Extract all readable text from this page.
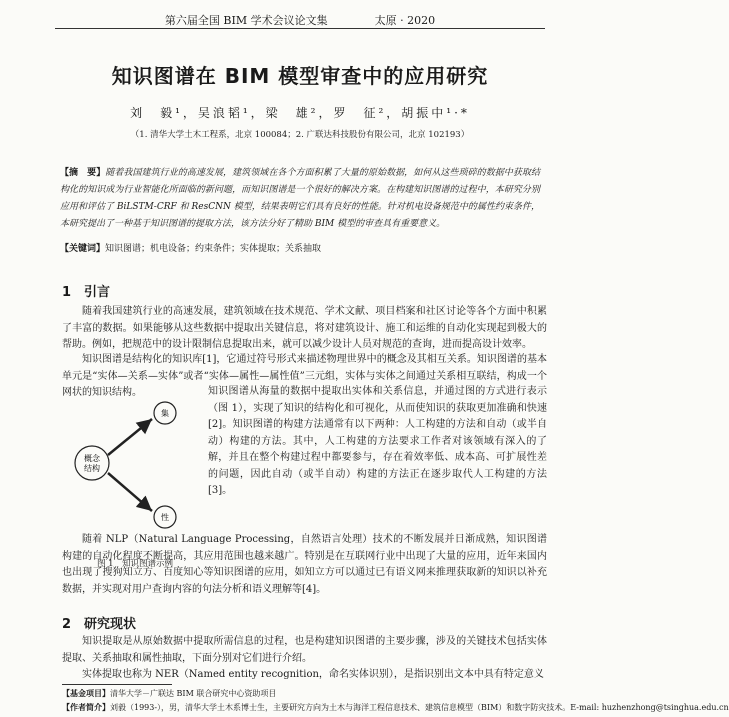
第六届全国 BIM 学术会议论文集	太原 · 2020
知识图谱在 BIM 模型审查中的应用研究
刘　毅¹，吴浪韬¹，梁　雄²，罗　征²，胡振中¹·*
（1. 清华大学土木工程系，北京 100084；2. 广联达科技股份有限公司，北京 102193）
【摘　要】随着我国建筑行业的高速发展，建筑领域在各个方面积累了大量的原始数据，如何从这些琐碎的数据中获取结构化的知识成为行业智能化所面临的新问题，而知识图谱是一个很好的解决方案。在构建知识图谱的过程中，本研究分别应用和评估了 BiLSTM-CRF 和 ResCNN 模型，结果表明它们具有良好的性能。针对机电设备规范中的属性约束条件，本研究提出了一种基于知识图谱的提取方法，该方法分好了精助 BIM 模型的审查具有重要意义。
【关键词】知识图谱；机电设备；约束条件；实体提取；关系抽取
1 引言
随着我国建筑行业的高速发展，建筑领域在技术规范、学术文献、项目档案和社区讨论等各个方面中积累了丰富的数据。如果能够从这些数据中提取出关键信息，将对建筑设计、施工和运维的自动化实现起到极大的帮助。例如，把规范中的设计限制信息提取出来，就可以减少设计人员对规范的查询，进而提高设计效率。
知识图谱是结构化的知识库[1]，它通过符号形式来描述物理世界中的概念及其相互关系。知识图谱的基本单元是“实体—关系—实体”或者“实体—属性—属性值”三元组，实体与实体之间通过关系相互联结，构成一个网状的知识结构。
概念
结构
集
性
图 1　知识图谱示例
知识图谱从海量的数据中提取出实体和关系信息，并通过图的方式进行表示（图 1），实现了知识的结构化和可视化，从而使知识的获取更加准确和快速[2]。知识图谱的构建方法通常有以下两种：人工构建的方法和自动（或半自动）构建的方法。其中，人工构建的方法要求工作者对该领域有深入的了解，并且在整个构建过程中都要参与，存在着效率低、成本高、可扩展性差的问题，因此自动（或半自动）构建的方法正在逐步取代人工构建的方法[3]。
随着 NLP（Natural Language Processing，自然语言处理）技术的不断发展并日渐成熟，知识图谱构建的自动化程度不断提高，其应用范围也越来越广。特别是在互联网行业中出现了大量的应用，近年来国内也出现了搜狗知立方、百度知心等知识图谱的应用，如知立方可以通过已有语义网来推理获取新的知识以补充数据，并实现对用户查询内容的句法分析和语义理解等[4]。
2 研究现状
知识提取是从原始数据中提取所需信息的过程，也是构建知识图谱的主要步骤，涉及的关键技术包括实体提取、关系抽取和属性抽取，下面分别对它们进行介绍。
实体提取也称为 NER（Named entity recognition，命名实体识别），是指识别出文本中具有特定意义
【基金项目】清华大学－广联达 BIM 联合研究中心资助项目
【作者简介】刘毅（1993-），男，清华大学土木系博士生，主要研究方向为土木与海洋工程信息技术、建筑信息模型（BIM）和数字防灾技术。E-mail: huzhenzhong@tsinghua.edu.cn
